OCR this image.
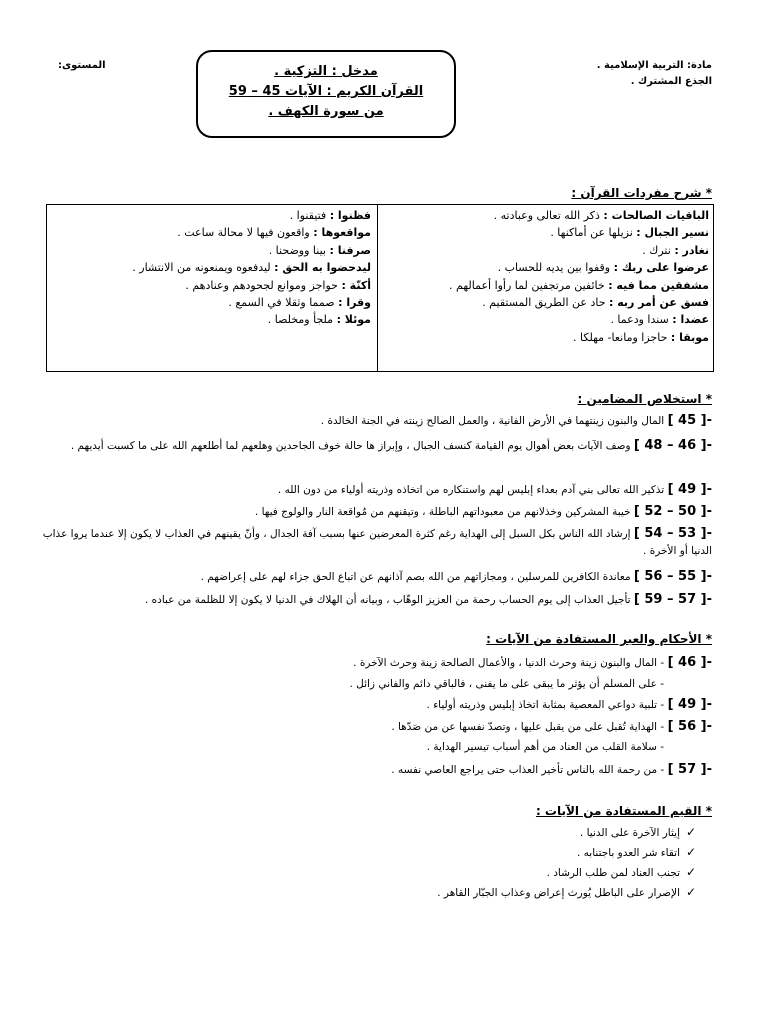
مادة: التربية الإسلامية .
الجذع المشترك .
المستوى:	مدخل : التزكية .
القرآن الكريم : الآيات 45 – 59
من سورة الكهف .
* شرح مفردات القرآن :
الباقيات الصالحات : ذكر الله تعالى وعبادته .
نسير الجبال : نزيلها عن أماكنها .
نغادر : نترك .
عرضوا على ربك : وقفوا بين يديه للحساب .
مشفقين مما فيه : خائفين مرتجفين لما رأوا أعمالهم .
فسق عن أمر ربه : حاد عن الطريق المستقيم .
عضدا : سندا ودعما .
موبقا : حاجزا ومانعا- مهلكا .
فظنوا : فتيقنوا .
مواقعوها : واقعون فيها لا محالة ساعت .
صرفنا : بينا ووضحنا .
ليدحضوا به الحق : ليدفعوه ويمنعونه من الانتشار .
أكنّة : حواجز وموانع لجحودهم وعنادهم .
وقرا : صمما وثقلا في السمع .
موئلا : ملجأ ومخلصا .
* استخلاص المضامين :
-[ 45 ] المال والبنون زينتهما في الأرض الفانية ، والعمل الصالح زينته في الجنة الخالدة .
-[ 46 – 48 ] وصف الآيات بعض أهوال يوم القيامة كنسف الجبال ، وإبراز ها حالة خوف الجاحدين وهلعهم لما أطلعهم الله على ما كسبت أيديهم .
-[ 49 ] تذكير الله تعالى بني آدم بعداء إبليس لهم واستنكاره من اتخاذه وذريته أولياء من دون الله .
-[ 50 – 52 ] خيبة المشركين وخذلانهم من معبوداتهم الباطلة ، وتيقنهم من مُواقعة النار والولوج فيها .
-[ 53 – 54 ] إرشاد الله الناس بكل السبل إلى الهداية رغم كثرة المعرضين عنها بسبب آفة الجدال ، وأنّ يقينهم في العذاب لا يكون إلا عندما يروا عذاب الدنيا أو الأخرة .
-[ 55 – 56 ] معاندة الكافرين للمرسلين ، ومجازاتهم من الله بصم آذانهم عن اتباع الحق جزاء لهم على إعراضهم .
-[ 57 – 59 ] تأجيل العذاب إلى يوم الحساب رحمة من العزيز الوهّاب ، وبيانه أن الهلاك في الدنيا لا يكون إلا للظلمة من عباده .
* الأحكام والعبر المستفادة من الآيات :
-[ 46 ] - المال والبنون زينة وحرث الدنيا ، والأعمال الصالحة زينة وحرث الآخرة .
- على المسلم أن يؤثر ما يبقى على ما يفنى ، فالباقي دائم والفاني زائل .
-[ 49 ] - تلبية دواعي المعصية بمثابة اتخاذ إبليس وذريته أولياء .
-[ 56 ] - الهداية تُقبل على من يقبل عليها ، وتصدّ نفسها عن من صَدّها .
- سلامة القلب من العناد من أهم أسباب تيسير الهداية .
-[ 57 ] - من رحمة الله بالناس تأخير العذاب حتى يراجع العاصي نفسه .
* القيم المستفادة من الآيات :
✓إيثار الآخرة على الدنيا .
✓اتقاء شر العدو باجتنابه .
✓تجنب العناد لمن طلب الرشاد .
✓الإصرار على الباطل يُورث إعراض وعذاب الجبّار القاهر .
